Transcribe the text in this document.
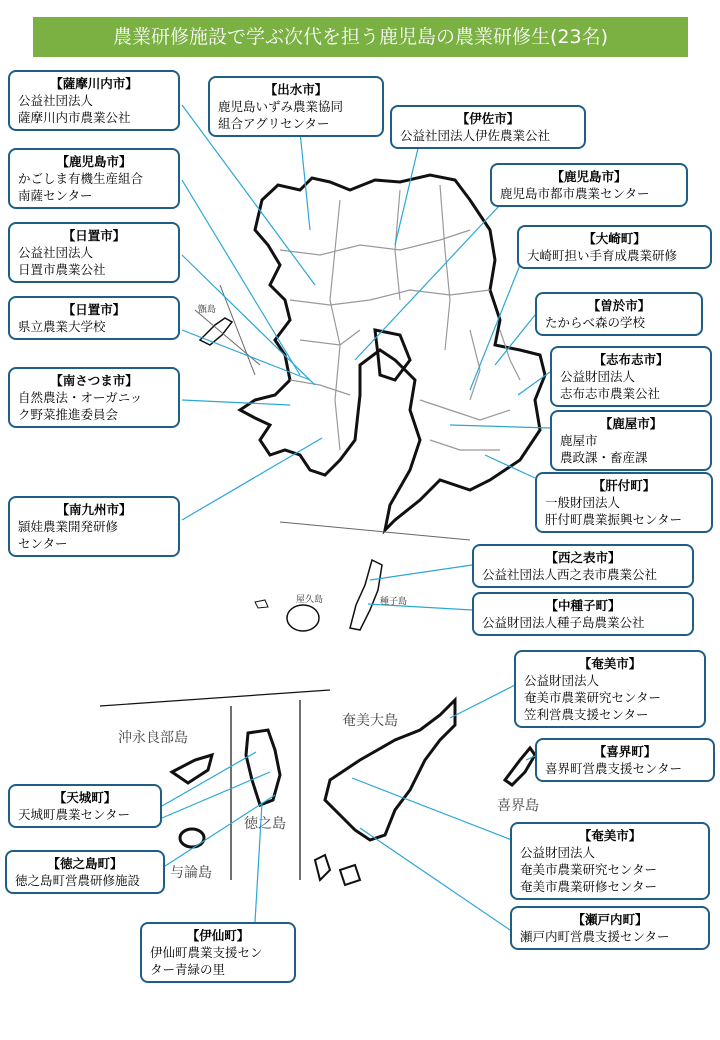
農業研修施設で学ぶ次代を担う鹿児島の農業研修生(23名)
甑島
屋久島	種子島
沖永良部島
奄美大島
喜界島
徳之島
与論島
【薩摩川内市】
公益社団法人
薩摩川内市農業公社
【出水市】
鹿児島いずみ農業協同
組合アグリセンター	【伊佐市】
公益社団法人伊佐農業公社
【鹿児島市】
かごしま有機生産組合
南薩センター
【鹿児島市】
鹿児島市都市農業センター
【日置市】
公益社団法人
日置市農業公社
【大崎町】
大崎町担い手育成農業研修
【日置市】
県立農業大学校
【曽於市】
たからべ森の学校
【南さつま市】
自然農法・オーガニッ
ク野菜推進委員会
【志布志市】
公益財団法人
志布志市農業公社
【鹿屋市】
鹿屋市
農政課・畜産課
【肝付町】
一般財団法人
肝付町農業振興センター
【南九州市】
頴娃農業開発研修
センター
【西之表市】
公益社団法人西之表市農業公社
【中種子町】
公益財団法人種子島農業公社
【奄美市】
公益財団法人
奄美市農業研究センター
笠利営農支援センター
【喜界町】
喜界町営農支援センター
【天城町】
天城町農業センター
【奄美市】
公益財団法人
奄美市農業研究センター
奄美市農業研修センター
【徳之島町】
徳之島町営農研修施設
【瀬戸内町】
瀬戸内町営農支援センター
【伊仙町】
伊仙町農業支援セン
ター青緑の里
